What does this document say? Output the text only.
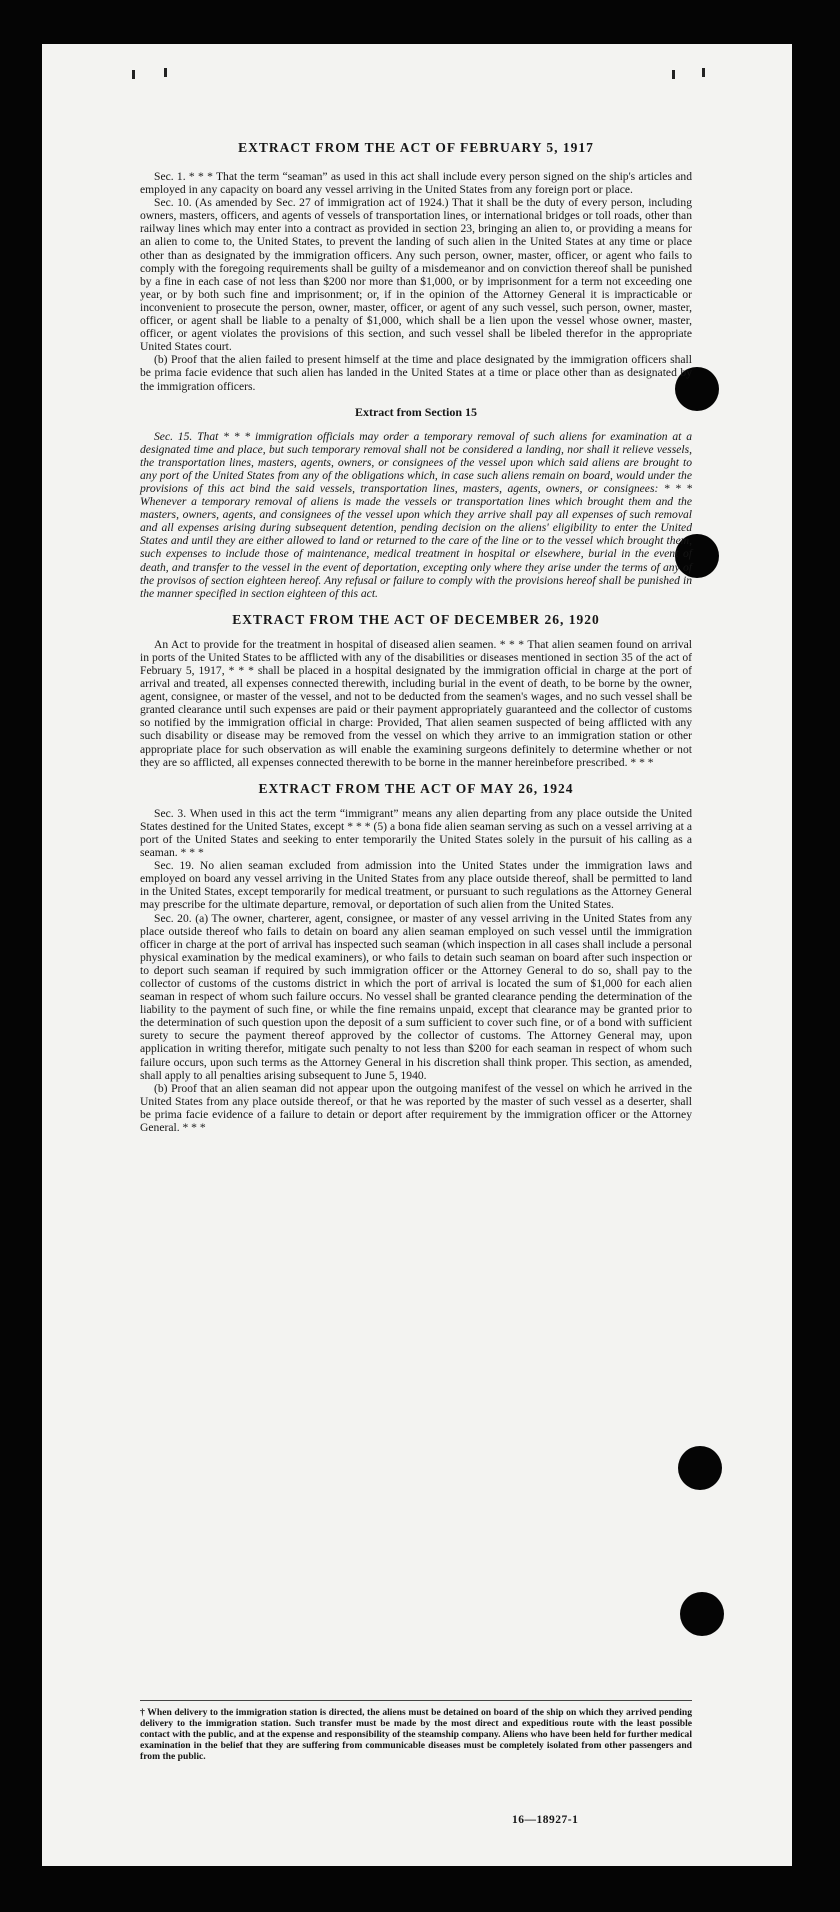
EXTRACT FROM THE ACT OF FEBRUARY 5, 1917

Sec. 1. * * * That the term “seaman” as used in this act shall include every person signed on the ship's articles and employed in any capacity on board any vessel arriving in the United States from any foreign port or place.

Sec. 10. (As amended by Sec. 27 of immigration act of 1924.) That it shall be the duty of every person, including owners, masters, officers, and agents of vessels of transportation lines, or international bridges or toll roads, other than railway lines which may enter into a contract as provided in section 23, bringing an alien to, or providing a means for an alien to come to, the United States, to prevent the landing of such alien in the United States at any time or place other than as designated by the immigration officers. Any such person, owner, master, officer, or agent who fails to comply with the foregoing requirements shall be guilty of a misdemeanor and on conviction thereof shall be punished by a fine in each case of not less than $200 nor more than $1,000, or by imprisonment for a term not exceeding one year, or by both such fine and imprisonment; or, if in the opinion of the Attorney General it is impracticable or inconvenient to prosecute the person, owner, master, officer, or agent of any such vessel, such person, owner, master, officer, or agent shall be liable to a penalty of $1,000, which shall be a lien upon the vessel whose owner, master, officer, or agent violates the provisions of this section, and such vessel shall be libeled therefor in the appropriate United States court.

(b) Proof that the alien failed to present himself at the time and place designated by the immigration officers shall be prima facie evidence that such alien has landed in the United States at a time or place other than as designated by the immigration officers.

Extract from Section 15

Sec. 15. That * * * immigration officials may order a temporary removal of such aliens for examination at a designated time and place, but such temporary removal shall not be considered a landing, nor shall it relieve vessels, the transportation lines, masters, agents, owners, or consignees of the vessel upon which said aliens are brought to any port of the United States from any of the obligations which, in case such aliens remain on board, would under the provisions of this act bind the said vessels, transportation lines, masters, agents, owners, or consignees: * * * Whenever a temporary removal of aliens is made the vessels or transportation lines which brought them and the masters, owners, agents, and consignees of the vessel upon which they arrive shall pay all expenses of such removal and all expenses arising during subsequent detention, pending decision on the aliens' eligibility to enter the United States and until they are either allowed to land or returned to the care of the line or to the vessel which brought them, such expenses to include those of maintenance, medical treatment in hospital or elsewhere, burial in the event of death, and transfer to the vessel in the event of deportation, excepting only where they arise under the terms of any of the provisos of section eighteen hereof. Any refusal or failure to comply with the provisions hereof shall be punished in the manner specified in section eighteen of this act.

EXTRACT FROM THE ACT OF DECEMBER 26, 1920

An Act to provide for the treatment in hospital of diseased alien seamen. * * * That alien seamen found on arrival in ports of the United States to be afflicted with any of the disabilities or diseases mentioned in section 35 of the act of February 5, 1917, * * * shall be placed in a hospital designated by the immigration official in charge at the port of arrival and treated, all expenses connected therewith, including burial in the event of death, to be borne by the owner, agent, consignee, or master of the vessel, and not to be deducted from the seamen's wages, and no such vessel shall be granted clearance until such expenses are paid or their payment appropriately guaranteed and the collector of customs so notified by the immigration official in charge: Provided, That alien seamen suspected of being afflicted with any such disability or disease may be removed from the vessel on which they arrive to an immigration station or other appropriate place for such observation as will enable the examining surgeons definitely to determine whether or not they are so afflicted, all expenses connected therewith to be borne in the manner hereinbefore prescribed. * * *

EXTRACT FROM THE ACT OF MAY 26, 1924

Sec. 3. When used in this act the term “immigrant” means any alien departing from any place outside the United States destined for the United States, except * * * (5) a bona fide alien seaman serving as such on a vessel arriving at a port of the United States and seeking to enter temporarily the United States solely in the pursuit of his calling as a seaman. * * *

Sec. 19. No alien seaman excluded from admission into the United States under the immigration laws and employed on board any vessel arriving in the United States from any place outside thereof, shall be permitted to land in the United States, except temporarily for medical treatment, or pursuant to such regulations as the Attorney General may prescribe for the ultimate departure, removal, or deportation of such alien from the United States.

Sec. 20. (a) The owner, charterer, agent, consignee, or master of any vessel arriving in the United States from any place outside thereof who fails to detain on board any alien seaman employed on such vessel until the immigration officer in charge at the port of arrival has inspected such seaman (which inspection in all cases shall include a personal physical examination by the medical examiners), or who fails to detain such seaman on board after such inspection or to deport such seaman if required by such immigration officer or the Attorney General to do so, shall pay to the collector of customs of the customs district in which the port of arrival is located the sum of $1,000 for each alien seaman in respect of whom such failure occurs. No vessel shall be granted clearance pending the determination of the liability to the payment of such fine, or while the fine remains unpaid, except that clearance may be granted prior to the determination of such question upon the deposit of a sum sufficient to cover such fine, or of a bond with sufficient surety to secure the payment thereof approved by the collector of customs. The Attorney General may, upon application in writing therefor, mitigate such penalty to not less than $200 for each seaman in respect of whom such failure occurs, upon such terms as the Attorney General in his discretion shall think proper. This section, as amended, shall apply to all penalties arising subsequent to June 5, 1940.

(b) Proof that an alien seaman did not appear upon the outgoing manifest of the vessel on which he arrived in the United States from any place outside thereof, or that he was reported by the master of such vessel as a deserter, shall be prima facie evidence of a failure to detain or deport after requirement by the immigration officer or the Attorney General. * * *

† When delivery to the immigration station is directed, the aliens must be detained on board of the ship on which they arrived pending delivery to the immigration station. Such transfer must be made by the most direct and expeditious route with the least possible contact with the public, and at the expense and responsibility of the steamship company. Aliens who have been held for further medical examination in the belief that they are suffering from communicable diseases must be completely isolated from other passengers and from the public.
16—18927-1
